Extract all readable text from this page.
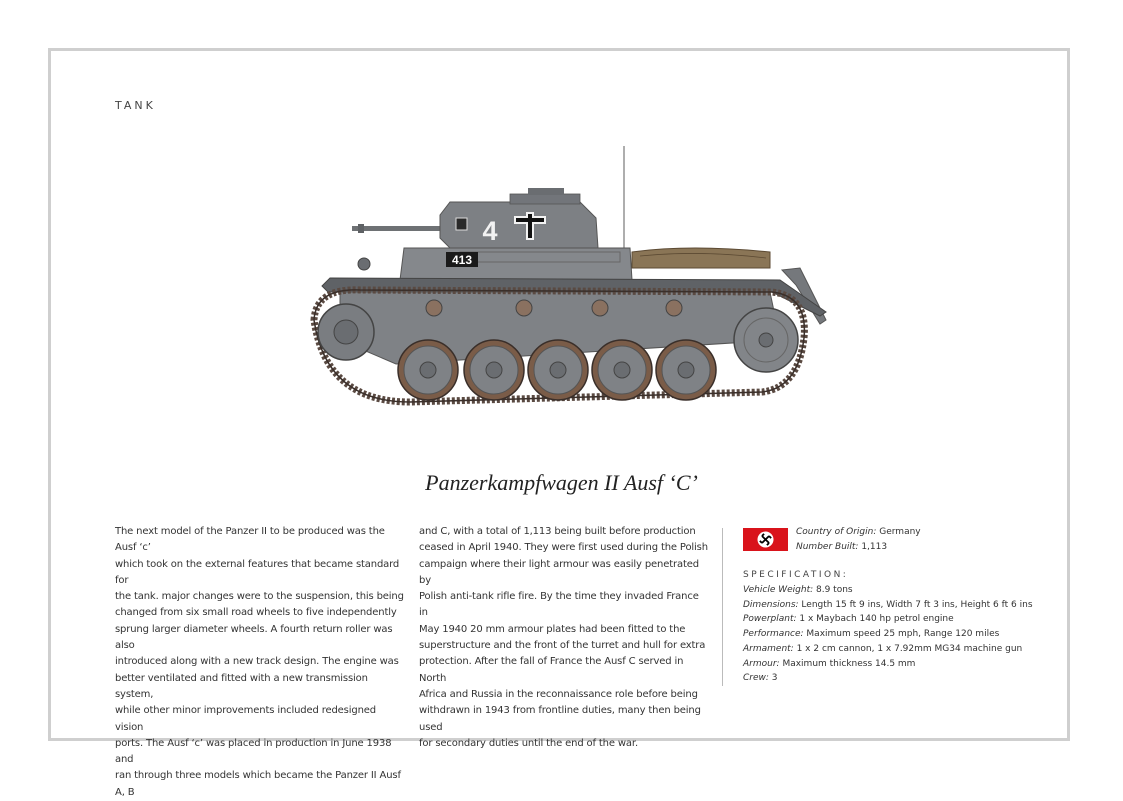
TANK
4
413
Panzerkampfwagen II Ausf ‘C’
The next model of the Panzer II to be produced was the Ausf ‘c’
which took on the external features that became standard for
the tank. major changes were to the suspension, this being
changed from six small road wheels to five independently
sprung larger diameter wheels. A fourth return roller was also
introduced along with a new track design. The engine was
better ventilated and fitted with a new transmission system,
while other minor improvements included redesigned vision
ports. The Ausf ‘c’ was placed in production in June 1938 and
ran through three models which became the Panzer II Ausf A, B
and C, with a total of 1,113 being built before production
ceased in April 1940. They were first used during the Polish
campaign where their light armour was easily penetrated by
Polish anti-tank rifle fire. By the time they invaded France in
May 1940 20 mm armour plates had been fitted to the
superstructure and the front of the turret and hull for extra
protection. After the fall of France the Ausf C served in North
Africa and Russia in the reconnaissance role before being
withdrawn in 1943 from frontline duties, many then being used
for secondary duties until the end of the war.
Country of Origin: Germany
Number Built: 1,113
SPECIFICATION:
Vehicle Weight: 8.9 tons
Dimensions: Length 15 ft 9 ins, Width 7 ft 3 ins, Height 6 ft 6 ins
Powerplant: 1 x Maybach 140 hp petrol engine
Performance: Maximum speed 25 mph, Range 120 miles
Armament: 1 x 2 cm cannon, 1 x 7.92mm MG34 machine gun
Armour: Maximum thickness 14.5 mm
Crew: 3
